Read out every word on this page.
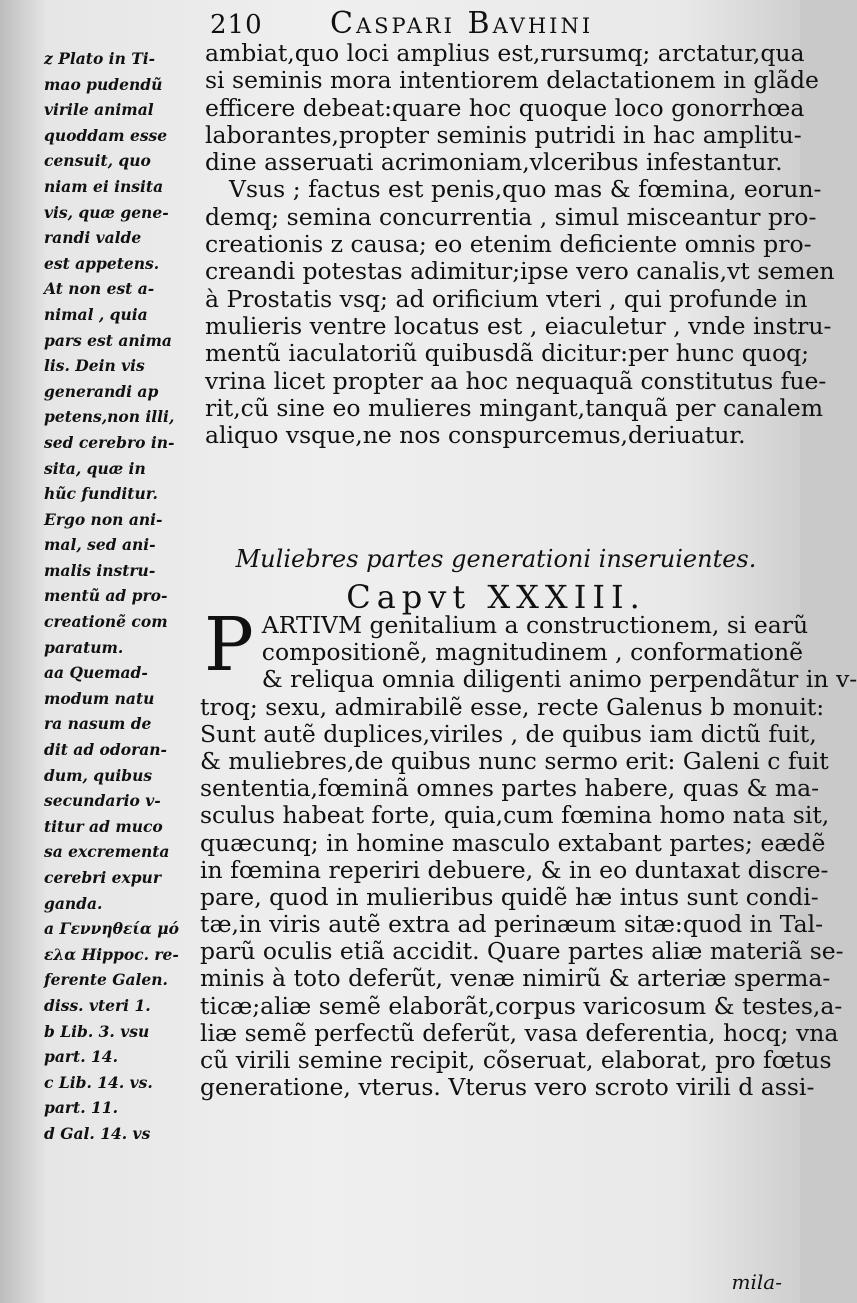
210 Caspari Bavhini
z Plato in Ti-
mao pudendũ
virile animal
quoddam esse
censuit, quo
niam ei insita
vis, quæ gene-
randi valde
est appetens.
At non est a-
nimal , quia
pars est anima
lis. Dein vis
generandi ap
petens,non illi,
sed cerebro in-
sita, quæ in
hũc funditur.
Ergo non ani-
mal, sed ani-
malis instru-
mentũ ad pro-
creationẽ com
paratum.
aa Quemad-
modum natu
ra nasum de
dit ad odoran-
dum, quibus
secundario v-
titur ad muco
sa excrementa
cerebri expur
ganda.
a Γεννηθεία μό
ελα Hippoc. re-
ferente Galen.
diss. vteri 1.
b Lib. 3. vsu
part. 14.
c Lib. 14. vs.
part. 11.
d Gal. 14. vs
ambiat,quo loci amplius est,rursumq; arctatur,qua
si seminis mora intentiorem delactationem in glãde
efficere debeat:quare hoc quoque loco gonorrhœa
laborantes,propter seminis putridi in hac amplitu-
dine asseruati acrimoniam,vlceribus infestantur.
Vsus ; factus est penis,quo mas & fœmina, eorun-
demq; semina concurrentia , simul misceantur pro-
creationis z causa; eo etenim deficiente omnis pro-
creandi potestas adimitur;ipse vero canalis,vt semen
à Prostatis vsq; ad orificium vteri , qui profunde in
mulieris ventre locatus est , eiaculetur , vnde instru-
mentũ iaculatoriũ quibusdã dicitur:per hunc quoq;
vrina licet propter aa hoc nequaquã constitutus fue-
rit,cũ sine eo mulieres mingant,tanquã per canalem
aliquo vsque,ne nos conspurcemus,deriuatur.
Muliebres partes generationi inseruientes.
Capvt XXXIII.
P ARTIVM genitalium a constructionem, si earũ
compositionẽ, magnitudinem , conformationẽ
& reliqua omnia diligenti animo perpendãtur in v-
troq; sexu, admirabilẽ esse, recte Galenus b monuit:
Sunt autẽ duplices,viriles , de quibus iam dictũ fuit,
& muliebres,de quibus nunc sermo erit: Galeni c fuit
sententia,fœminã omnes partes habere, quas & ma-
sculus habeat forte, quia,cum fœmina homo nata sit,
quæcunq; in homine masculo extabant partes; eædẽ
in fœmina reperiri debuere, & in eo duntaxat discre-
pare, quod in mulieribus quidẽ hæ intus sunt condi-
tæ,in viris autẽ extra ad perinæum sitæ:quod in Tal-
parũ oculis etiã accidit. Quare partes aliæ materiã se-
minis à toto deferũt, venæ nimirũ & arteriæ sperma-
ticæ;aliæ semẽ elaborãt,corpus varicosum & testes,a-
liæ semẽ perfectũ deferũt, vasa deferentia, hocq; vna
cũ virili semine recipit, cõseruat, elaborat, pro fœtus
generatione, vterus. Vterus vero scroto virili d assi-
mila-
